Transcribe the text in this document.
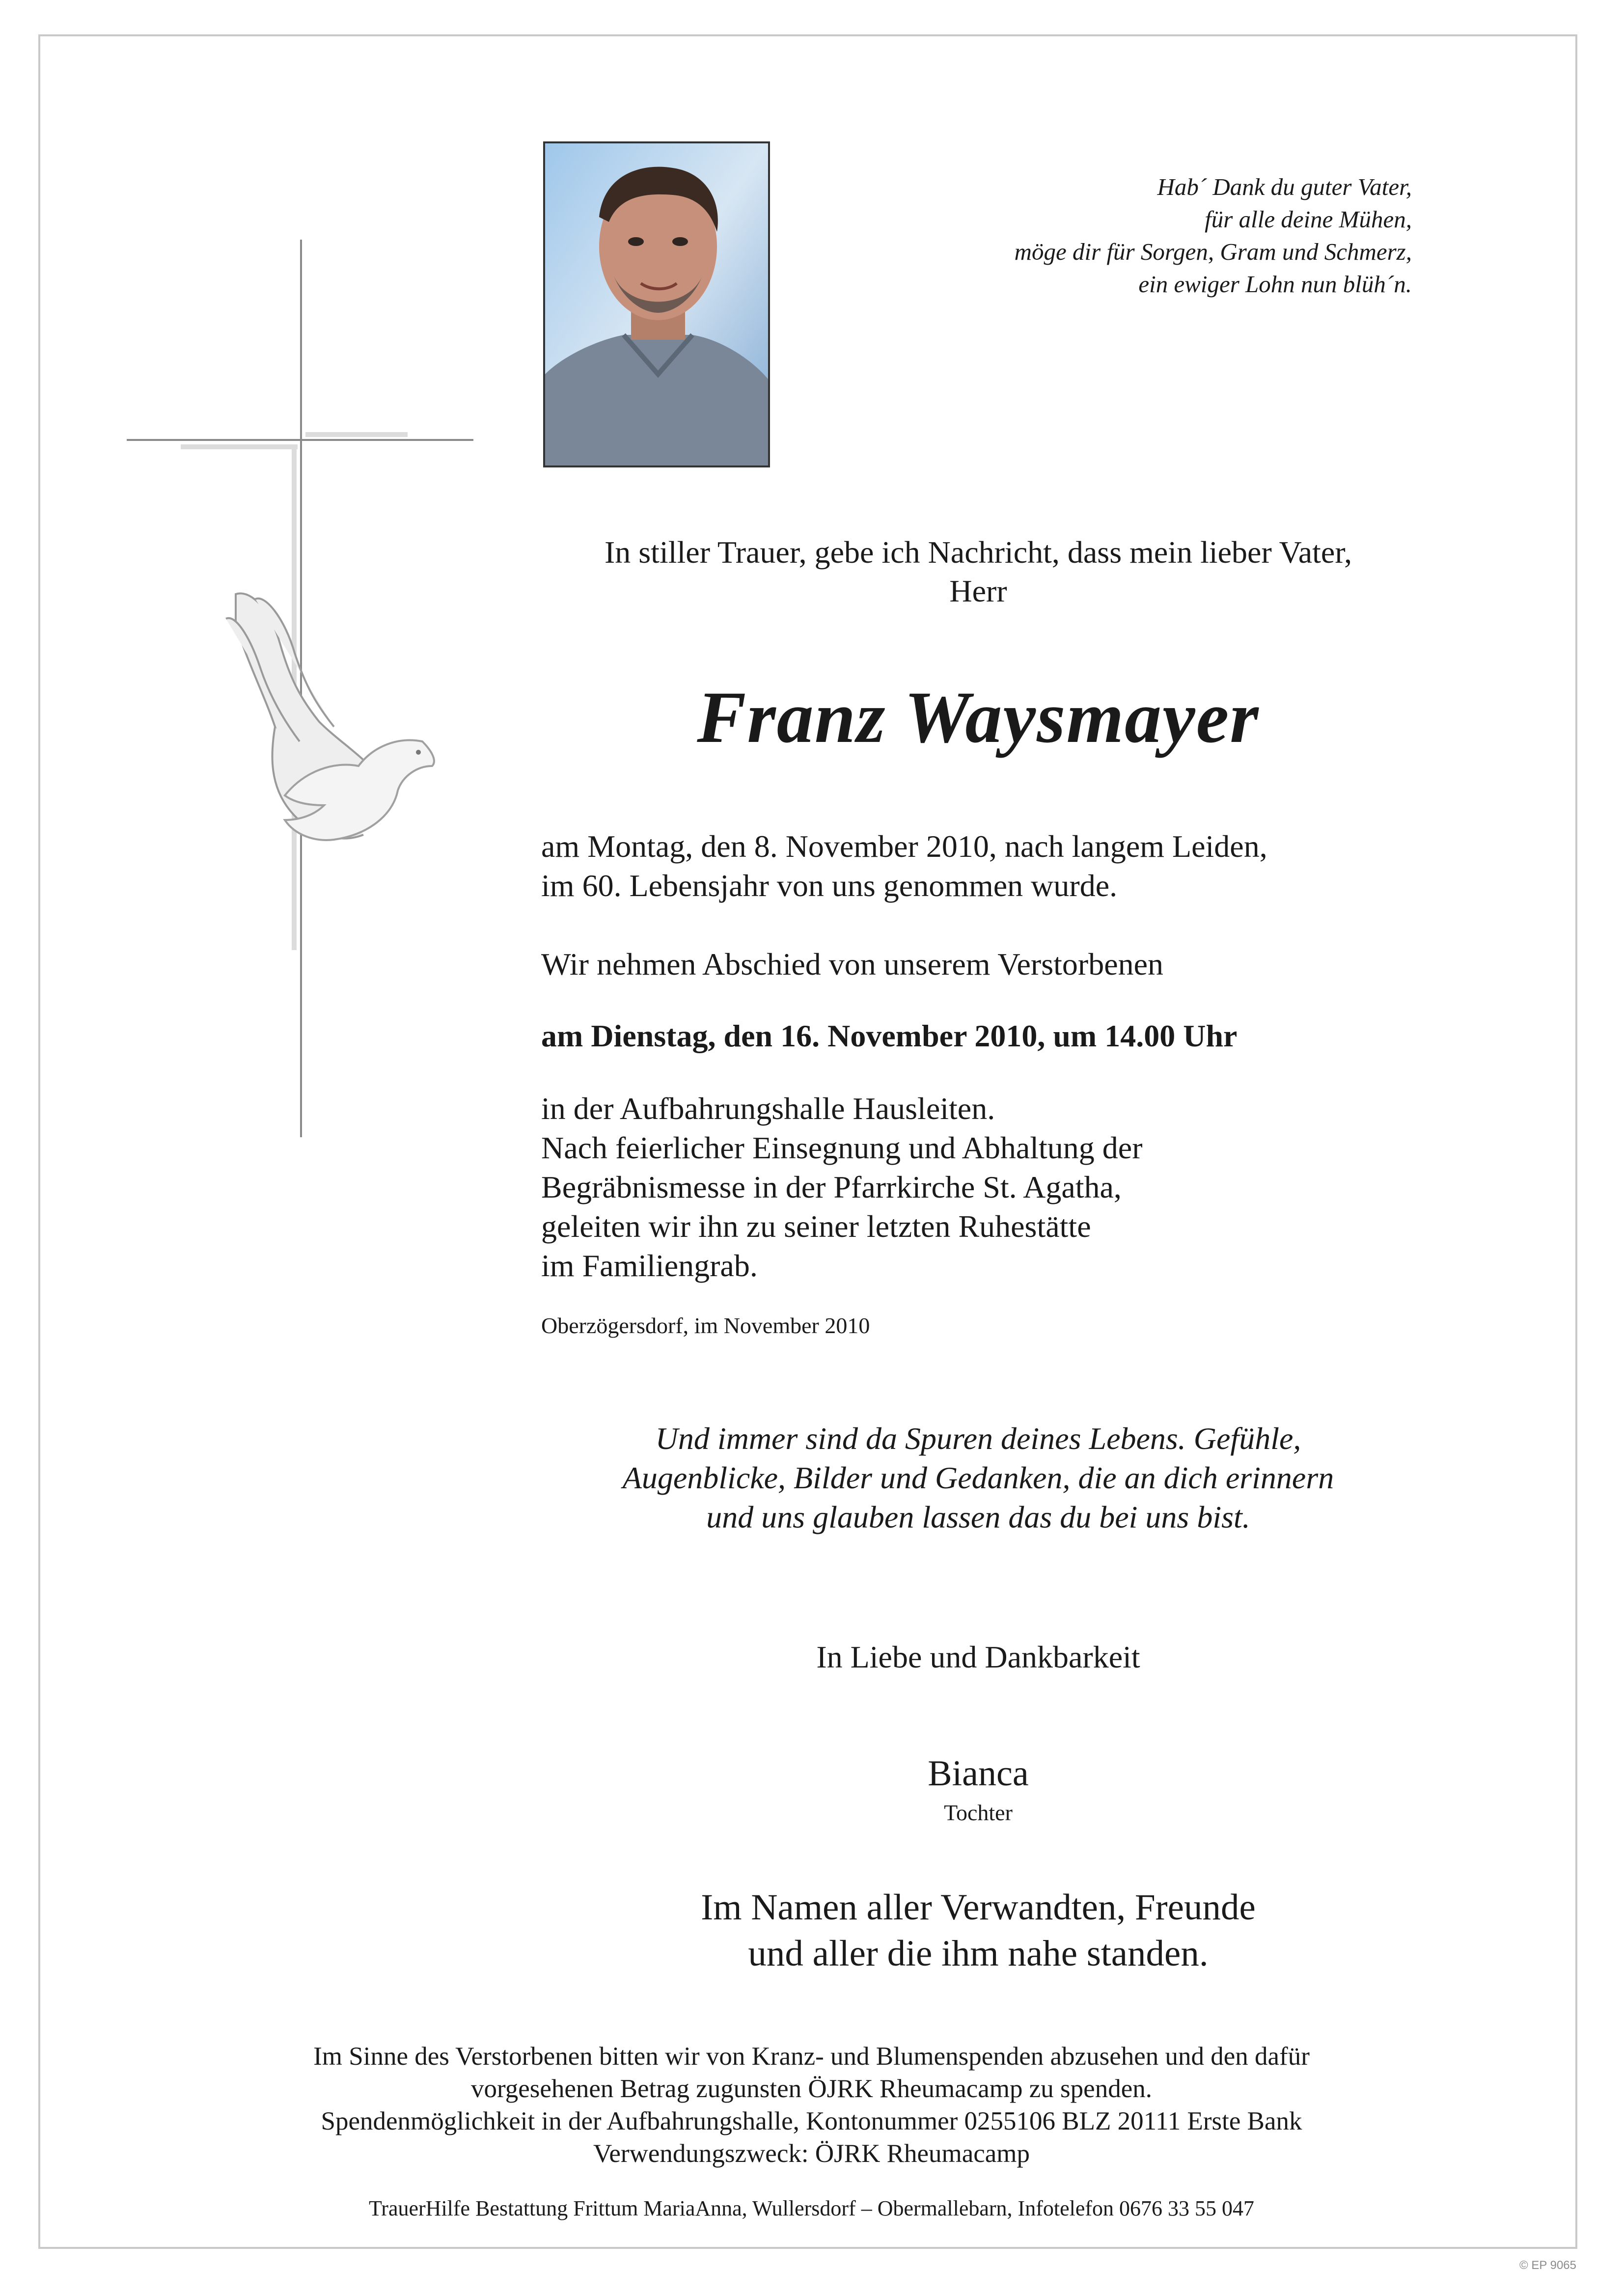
Hab´ Dank du guter Vater,
für alle deine Mühen,
möge dir für Sorgen, Gram und Schmerz,
ein ewiger Lohn nun blüh´n.
In stiller Trauer, gebe ich Nachricht, dass mein lieber Vater,
Herr
Franz Waysmayer
am Montag, den 8. November 2010, nach langem Leiden,
im 60. Lebensjahr von uns genommen wurde.
Wir nehmen Abschied von unserem Verstorbenen
am Dienstag, den 16. November 2010, um 14.00 Uhr
in der Aufbahrungshalle Hausleiten.
Nach feierlicher Einsegnung und Abhaltung der
Begräbnismesse in der Pfarrkirche St. Agatha,
geleiten wir ihn zu seiner letzten Ruhestätte
im Familiengrab.
Oberzögersdorf, im November 2010
Und immer sind da Spuren deines Lebens. Gefühle,
Augenblicke, Bilder und Gedanken, die an dich erinnern
und uns glauben lassen das du bei uns bist.
In Liebe und Dankbarkeit
Bianca
Tochter
Im Namen aller Verwandten, Freunde
und aller die ihm nahe standen.
Im Sinne des Verstorbenen bitten wir von Kranz- und Blumenspenden abzusehen und den dafür
vorgesehenen Betrag zugunsten ÖJRK Rheumacamp zu spenden.
Spendenmöglichkeit in der Aufbahrungshalle, Kontonummer 0255106 BLZ 20111 Erste Bank
Verwendungszweck: ÖJRK Rheumacamp
TrauerHilfe Bestattung Frittum MariaAnna, Wullersdorf – Obermallebarn, Infotelefon 0676 33 55 047
© EP 9065
